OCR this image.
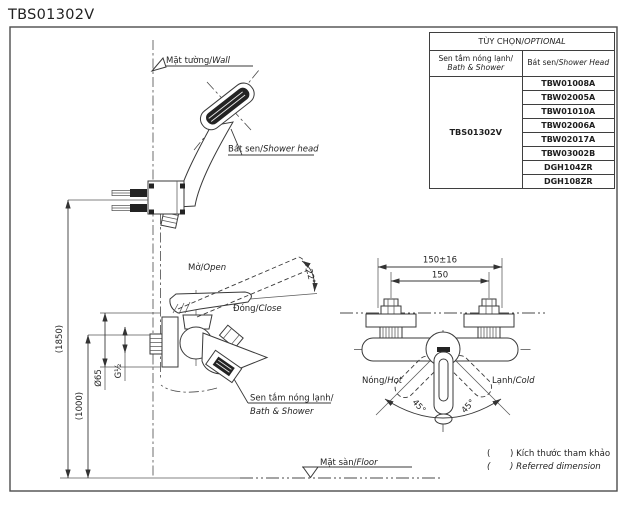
TBS01302V
Mặt tường/Wall
Bát sen/Shower head
Mở/Open
Đóng/Close
Sen tắm nóng lạnh/
Bath & Shower
Mặt sàn/Floor
Nóng/Hot	Lạnh/Cold
(1850)
(1000)
Ø65 G½
150±16
150
22°
45°	45°
TÙY CHỌN/OPTIONAL	
Sen tắm nóng lạnh/
Bath & Shower	Bát sen/Shower Head
TBS01302V	TBW01008A
	TBW02005A
	TBW01010A
	TBW02006A
	TBW02017A
	TBW03002B
	DGH104ZR
	DGH108ZR
( ) Kích thước tham khảo
( ) Referred dimension
